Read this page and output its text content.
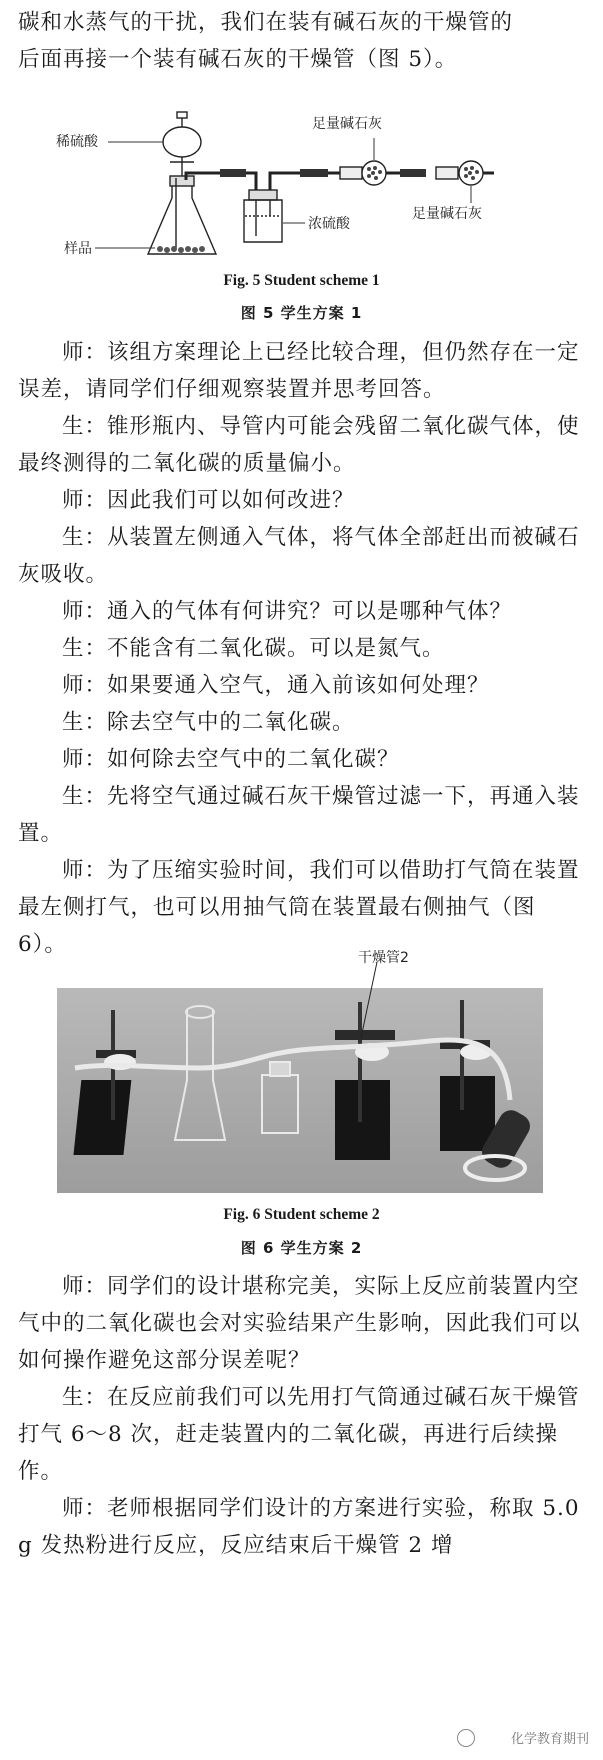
碳和水蒸气的干扰，我们在装有碱石灰的干燥管的

后面再接一个装有碱石灰的干燥管（图 5）。

稀硫酸
样品
浓硫酸
足量碱石灰
足量碱石灰
Fig. 5 Student scheme 1
图 5 学生方案 1

师：该组方案理论上已经比较合理，但仍然存在一定误差，请同学们仔细观察装置并思考回答。

生：锥形瓶内、导管内可能会残留二氧化碳气体，使最终测得的二氧化碳的质量偏小。

师：因此我们可以如何改进？

生：从装置左侧通入气体，将气体全部赶出而被碱石灰吸收。

师：通入的气体有何讲究？可以是哪种气体？

生：不能含有二氧化碳。可以是氮气。

师：如果要通入空气，通入前该如何处理？

生：除去空气中的二氧化碳。

师：如何除去空气中的二氧化碳？

生：先将空气通过碱石灰干燥管过滤一下，再通入装置。

师：为了压缩实验时间，我们可以借助打气筒在装置最左侧打气，也可以用抽气筒在装置最右侧抽气（图 6）。

干燥管2
Fig. 6 Student scheme 2
图 6 学生方案 2

师：同学们的设计堪称完美，实际上反应前装置内空气中的二氧化碳也会对实验结果产生影响，因此我们可以如何操作避免这部分误差呢？

生：在反应前我们可以先用打气筒通过碱石灰干燥管打气 6～8 次，赶走装置内的二氧化碳，再进行后续操作。

师：老师根据同学们设计的方案进行实验，称取 5.0 g 发热粉进行反应，反应结束后干燥管 2 增

化学教育期刊
